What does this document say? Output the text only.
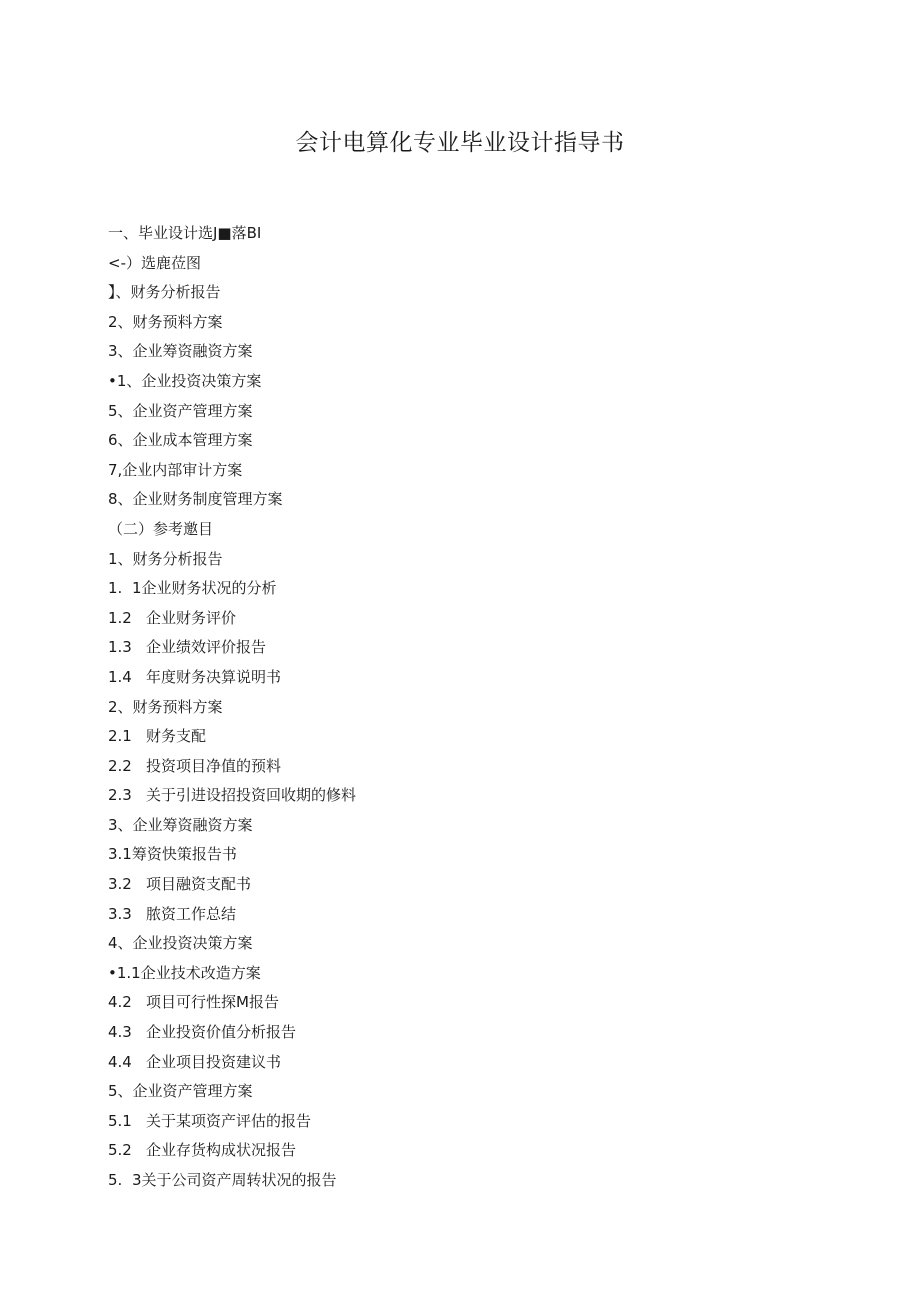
会计电算化专业毕业设计指导书
一、毕业设计选J■落BI
<-）选鹿莅图
】、财务分析报告
2、财务预料方案
3、企业筹资融资方案
•1、企业投资决策方案
5、企业资产管理方案
6、企业成本管理方案
7,企业内部审计方案
8、企业财务制度管理方案
（二）参考邀目
1、财务分析报告
1. 1企业财务状况的分析
1.2 企业财务评价
1.3 企业绩效评价报告
1.4 年度财务决算说明书
2、财务预料方案
2.1 财务支配
2.2 投资项目净值的预料
2.3 关于引进设招投资回收期的修料
3、企业筹资融资方案
3.1筹资快策报告书
3.2 项目融资支配书
3.3 脓资工作总结
4、企业投资决策方案
•1.1企业技术改造方案
4.2 项目可行性探M报告
4.3 企业投资价值分析报告
4.4 企业项目投资建议书
5、企业资产管理方案
5.1 关于某项资产评估的报告
5.2 企业存货构成状况报告
5. 3关于公司资产周转状况的报告
